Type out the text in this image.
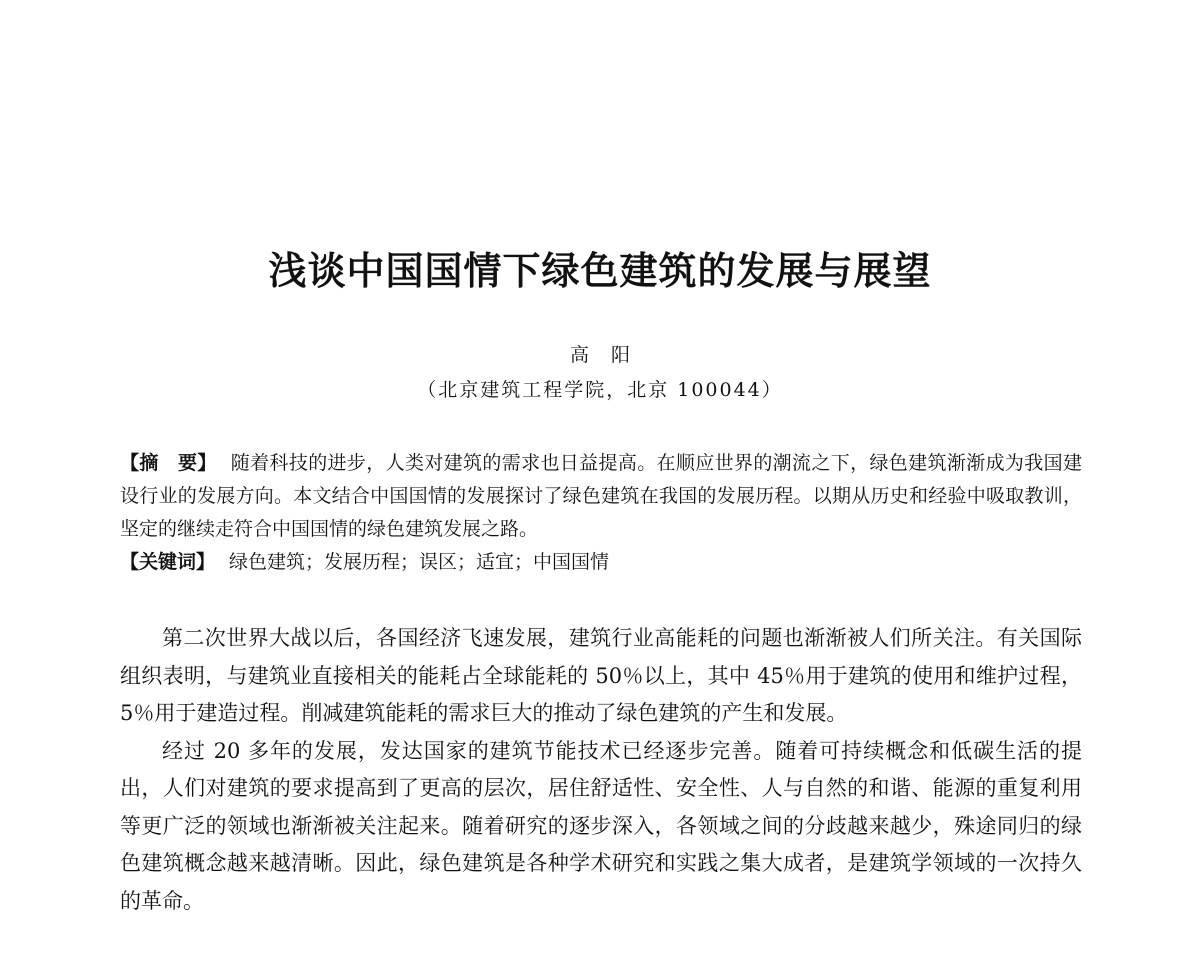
浅谈中国国情下绿色建筑的发展与展望
高阳
（北京建筑工程学院，北京 100044）

【摘　要】 随着科技的进步，人类对建筑的需求也日益提高。在顺应世界的潮流之下，绿色建筑渐渐成为我国建设行业的发展方向。本文结合中国国情的发展探讨了绿色建筑在我国的发展历程。以期从历史和经验中吸取教训，坚定的继续走符合中国国情的绿色建筑发展之路。

【关键词】 绿色建筑；发展历程；误区；适宜；中国国情

第二次世界大战以后，各国经济飞速发展，建筑行业高能耗的问题也渐渐被人们所关注。有关国际组织表明，与建筑业直接相关的能耗占全球能耗的 50％以上，其中 45％用于建筑的使用和维护过程，5％用于建造过程。削减建筑能耗的需求巨大的推动了绿色建筑的产生和发展。

经过 20 多年的发展，发达国家的建筑节能技术已经逐步完善。随着可持续概念和低碳生活的提出，人们对建筑的要求提高到了更高的层次，居住舒适性、安全性、人与自然的和谐、能源的重复利用等更广泛的领域也渐渐被关注起来。随着研究的逐步深入，各领域之间的分歧越来越少，殊途同归的绿色建筑概念越来越清晰。因此，绿色建筑是各种学术研究和实践之集大成者，是建筑学领域的一次持久的革命。
